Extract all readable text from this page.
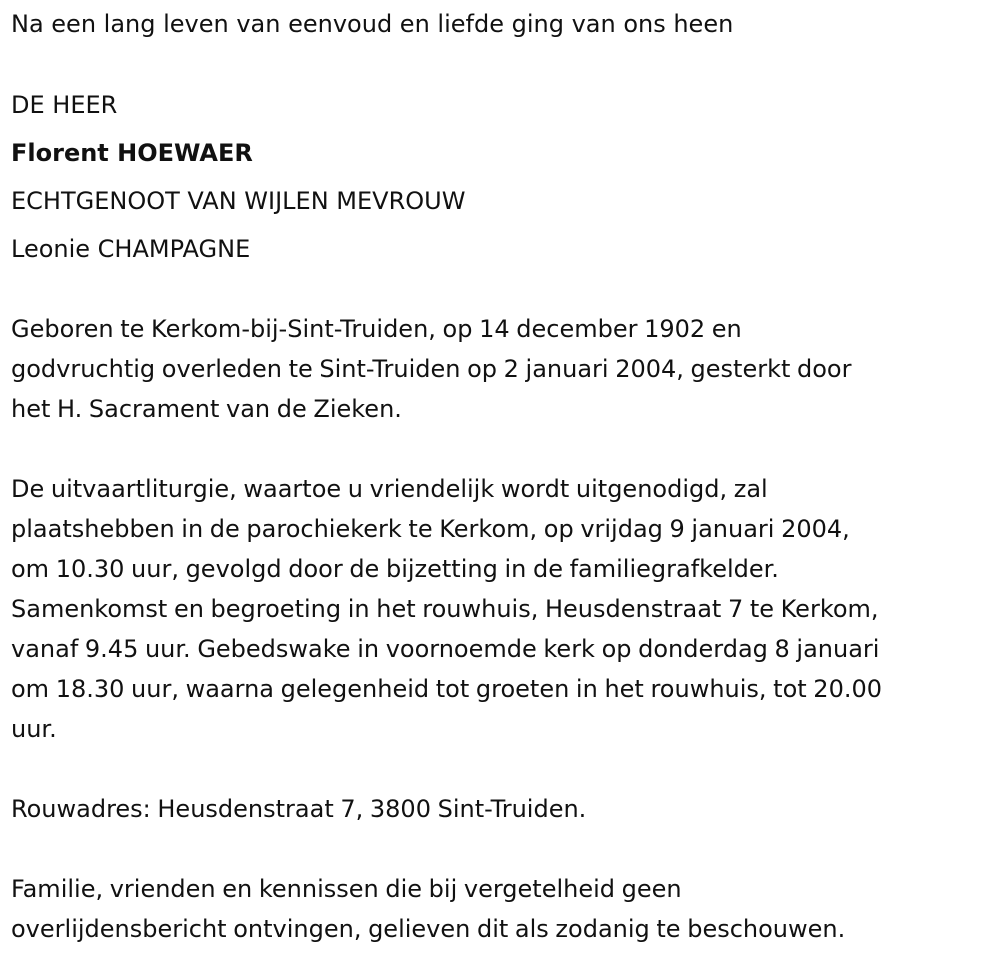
Na een lang leven van eenvoud en liefde ging van ons heen
DE HEER
Florent HOEWAER
ECHTGENOOT VAN WIJLEN MEVROUW
Leonie CHAMPAGNE
Geboren te Kerkom-bij-Sint-Truiden, op 14 december 1902 en
godvruchtig overleden te Sint-Truiden op 2 januari 2004, gesterkt door
het H. Sacrament van de Zieken.
De uitvaartliturgie, waartoe u vriendelijk wordt uitgenodigd, zal
plaatshebben in de parochiekerk te Kerkom, op vrijdag 9 januari 2004,
om 10.30 uur, gevolgd door de bijzetting in de familiegrafkelder.
Samenkomst en begroeting in het rouwhuis, Heusdenstraat 7 te Kerkom,
vanaf 9.45 uur. Gebedswake in voornoemde kerk op donderdag 8 januari
om 18.30 uur, waarna gelegenheid tot groeten in het rouwhuis, tot 20.00
uur.
Rouwadres: Heusdenstraat 7, 3800 Sint-Truiden.
Familie, vrienden en kennissen die bij vergetelheid geen
overlijdensbericht ontvingen, gelieven dit als zodanig te beschouwen.
